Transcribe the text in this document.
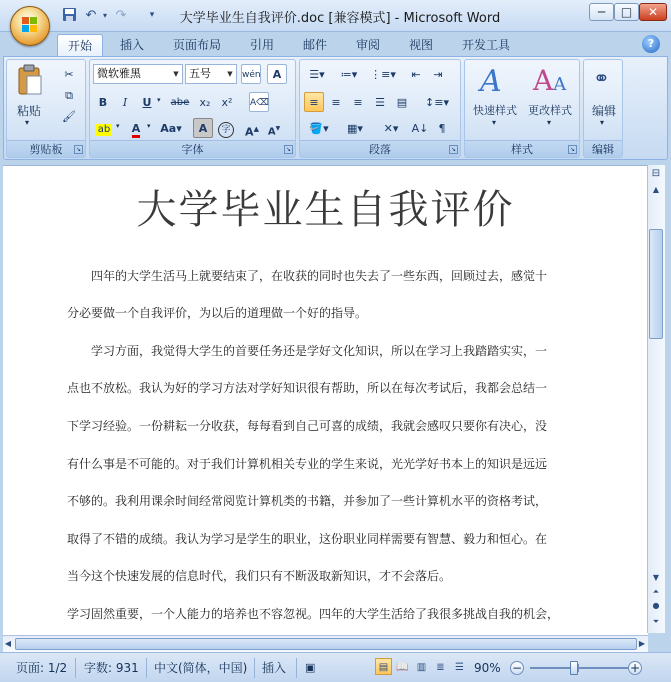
↶ ▾ ↷	▾	大学毕业生自我评价.doc [兼容模式] - Microsoft Word	─	□	✕
开始	插入	页面布局	引用	邮件	审阅	视图	开发工具	?
粘贴
▾
✂
⧉
🖌
剪贴板	↘
微软雅黑	▼ 五号	▼	wén	A
B	I	U ▾ abe x₂	x²	A⌫
ab ▾	A ▾ Aa▾	A	字	A▲ A▼
字体	↘
☰▾	≔▾	⋮≡▾	⇤	⇥
≡	≡	≡	☰	▤	↕≡▾
🪣▾	▦▾	✕▾	A↓ ¶
段落	↘
A
快速样式
▾
AA
更改样式
▾
样式	↘
⚭
编辑
▾
编辑
大学毕业生自我评价
　　四年的大学生活马上就要结束了，在收获的同时也失去了一些东西，回顾过去，感觉十
分必要做一个自我评价，为以后的道理做一个好的指导。
　　学习方面，我觉得大学生的首要任务还是学好文化知识，所以在学习上我踏踏实实，一
点也不放松。我认为好的学习方法对学好知识很有帮助，所以在每次考试后，我都会总结一
下学习经验。一份耕耘一分收获，每每看到自己可喜的成绩，我就会感叹只要你有决心，没
有什么事是不可能的。对于我们计算机相关专业的学生来说，光光学好书本上的知识是远远
不够的。我利用课余时间经常阅览计算机类的书籍，并参加了一些计算机水平的资格考试，
取得了不错的成绩。我认为学习是学生的职业，这份职业同样需要有智慧、毅力和恒心。在
当今这个快速发展的信息时代，我们只有不断汲取新知识，才不会落后。
学习固然重要，一个人能力的培养也不容忽视。四年的大学生活给了我很多挑战自我的机会，
⊟
▲
▼
⏶
●
⏷
◀	▶
页面: 1/2 字数: 931 中文(简体，中国) 插入 ▣	▤ 📖 ▥	≣	☰ 90% −	+
